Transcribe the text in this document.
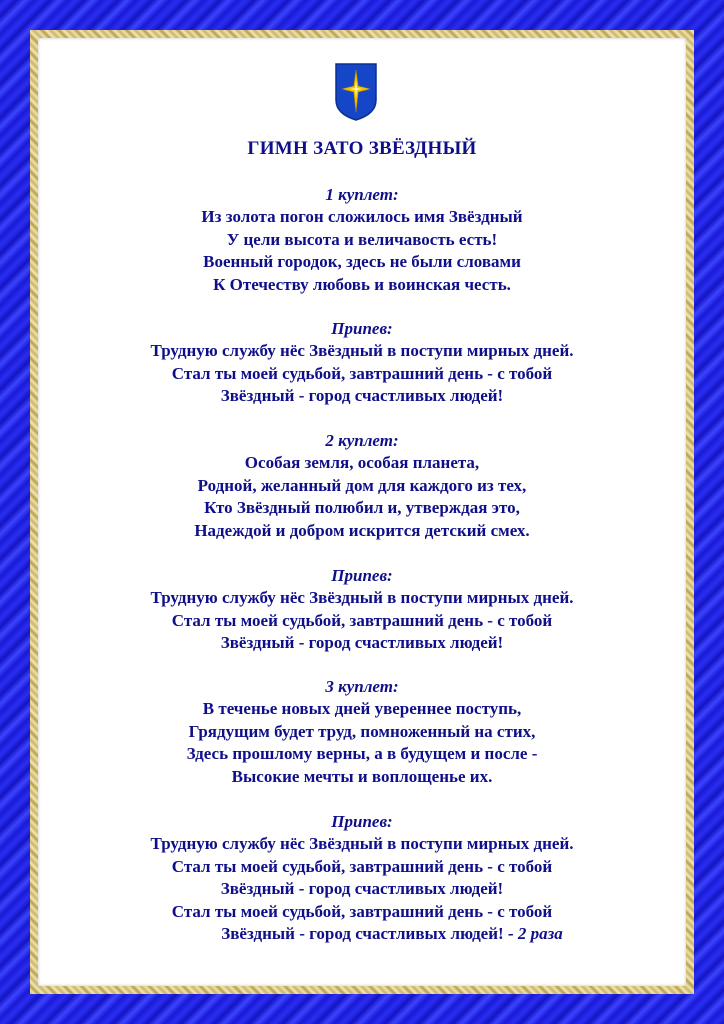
ГИМН ЗАТО ЗВЁЗДНЫЙ
1 куплет:
Из золота погон сложилось имя Звёздный
У цели высота и величавость есть!
Военный городок, здесь не были словами
К Отечеству любовь и воинская честь.
Припев:
Трудную службу нёс Звёздный в поступи мирных дней.
Стал ты моей судьбой, завтрашний день - с тобой
Звёздный - город счастливых людей!
2 куплет:
Особая земля, особая планета,
Родной, желанный дом для каждого из тех,
Кто Звёздный полюбил и, утверждая это,
Надеждой и добром искрится детский смех.
Припев:
Трудную службу нёс Звёздный в поступи мирных дней.
Стал ты моей судьбой, завтрашний день - с тобой
Звёздный - город счастливых людей!
3 куплет:
В теченье новых дней увереннее поступь,
Грядущим будет труд, помноженный на стих,
Здесь прошлому верны, а в будущем и после -
Высокие мечты и воплощенье их.
Припев:
Трудную службу нёс Звёздный в поступи мирных дней.
Стал ты моей судьбой, завтрашний день - с тобой
Звёздный - город счастливых людей!
Стал ты моей судьбой, завтрашний день - с тобой
Звёздный - город счастливых людей! - 2 раза
